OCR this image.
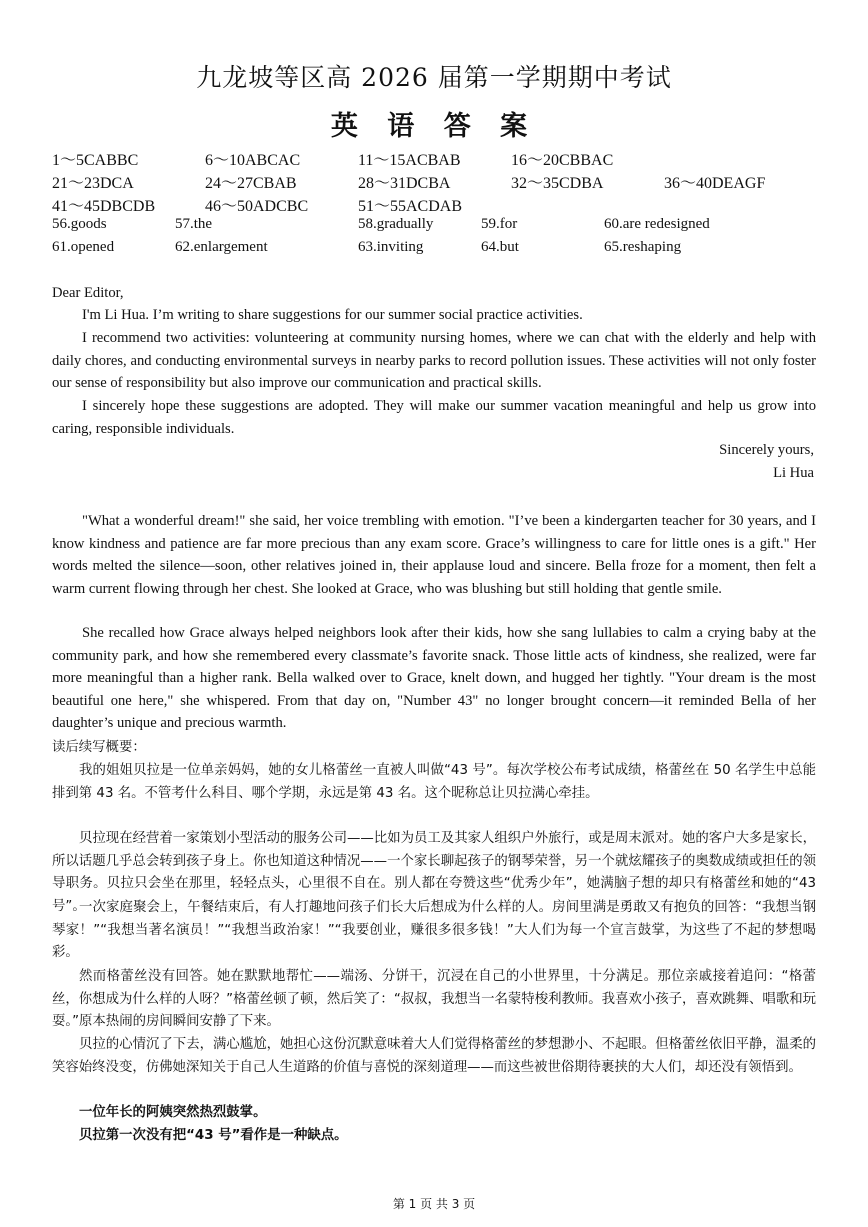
九龙坡等区高 2026 届第一学期期中考试
英 语 答 案
1～5CABBC	6～10ABCAC	11～15ACBAB	16～20CBBAC
21～23DCA	24～27CBAB	28～31DCBA	32～35CDBA	36～40DEAGF
41～45DBCDB	46～50ADCBC	51～55ACDAB
56.goods	57.the	58.gradually	59.for	60.are redesigned
61.opened	62.enlargement	63.inviting	64.but	65.reshaping

Dear Editor,

I'm Li Hua. I’m writing to share suggestions for our summer social practice activities.

I recommend two activities: volunteering at community nursing homes, where we can chat with the elderly and help with daily chores, and conducting environmental surveys in nearby parks to record pollution issues. These activities will not only foster our sense of responsibility but also improve our communication and practical skills.

I sincerely hope these suggestions are adopted. They will make our summer vacation meaningful and help us grow into caring, responsible individuals.

Sincerely yours,
Li Hua

"What a wonderful dream!" she said, her voice trembling with emotion. "I’ve been a kindergarten teacher for 30 years, and I know kindness and patience are far more precious than any exam score. Grace’s willingness to care for little ones is a gift." Her words melted the silence—soon, other relatives joined in, their applause loud and sincere. Bella froze for a moment, then felt a warm current flowing through her chest. She looked at Grace, who was blushing but still holding that gentle smile.

She recalled how Grace always helped neighbors look after their kids, how she sang lullabies to calm a crying baby at the community park, and how she remembered every classmate’s favorite snack. Those little acts of kindness, she realized, were far more meaningful than a higher rank. Bella walked over to Grace, knelt down, and hugged her tightly. "Your dream is the most beautiful one here," she whispered. From that day on, "Number 43" no longer brought concern—it reminded Bella of her daughter’s unique and precious warmth.

读后续写概要：

我的姐姐贝拉是一位单亲妈妈，她的女儿格蕾丝一直被人叫做“43 号”。每次学校公布考试成绩，格蕾丝在 50 名学生中总能排到第 43 名。不管考什么科目、哪个学期，永远是第 43 名。这个昵称总让贝拉满心牵挂。

贝拉现在经营着一家策划小型活动的服务公司——比如为员工及其家人组织户外旅行，或是周末派对。她的客户大多是家长，所以话题几乎总会转到孩子身上。你也知道这种情况——一个家长聊起孩子的钢琴荣誉，另一个就炫耀孩子的奥数成绩或担任的领导职务。贝拉只会坐在那里，轻轻点头，心里很不自在。别人都在夸赞这些“优秀少年”，她满脑子想的却只有格蕾丝和她的“43 号”。

一次家庭聚会上，午餐结束后，有人打趣地问孩子们长大后想成为什么样的人。房间里满是勇敢又有抱负的回答：“我想当钢琴家！”“我想当著名演员！”“我想当政治家！”“我要创业，赚很多很多钱！”大人们为每一个宣言鼓掌，为这些了不起的梦想喝彩。

然而格蕾丝没有回答。她在默默地帮忙——端汤、分饼干，沉浸在自己的小世界里，十分满足。那位亲戚接着追问：“格蕾丝，你想成为什么样的人呀？”格蕾丝顿了顿，然后笑了：“叔叔，我想当一名蒙特梭利教师。我喜欢小孩子，喜欢跳舞、唱歌和玩耍。”原本热闹的房间瞬间安静了下来。

贝拉的心情沉了下去，满心尴尬，她担心这份沉默意味着大人们觉得格蕾丝的梦想渺小、不起眼。但格蕾丝依旧平静，温柔的笑容始终没变，仿佛她深知关于自己人生道路的价值与喜悦的深刻道理——而这些被世俗期待裹挟的大人们，却还没有领悟到。

一位年长的阿姨突然热烈鼓掌。

贝拉第一次没有把“43 号”看作是一种缺点。

第 1 页 共 3 页
